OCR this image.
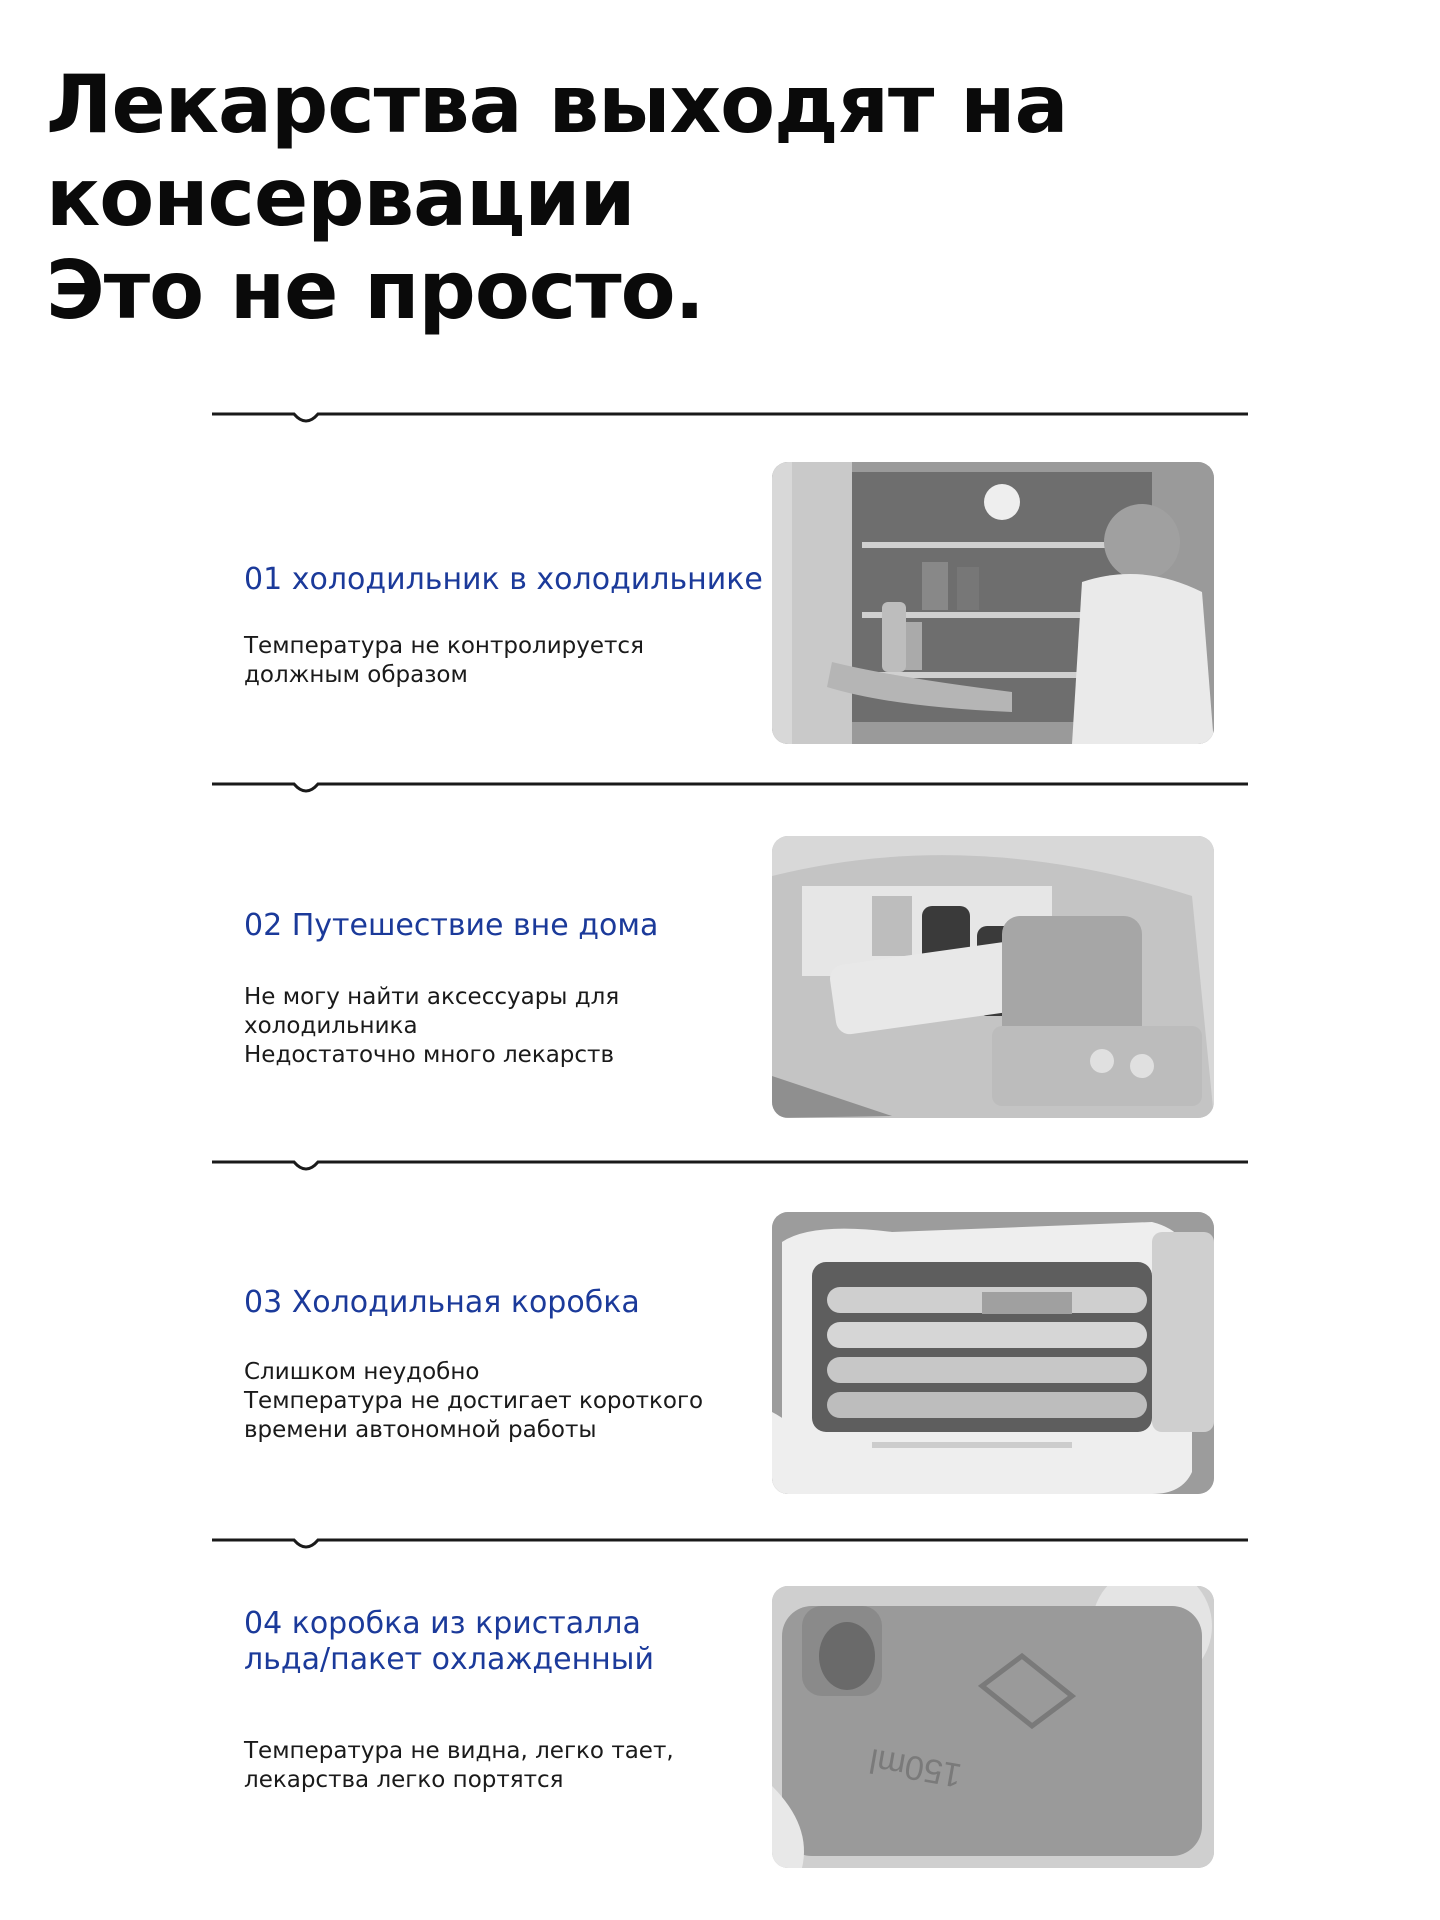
Лекарства выходят на
консервации
Это не просто.
01 холодильник в холодильнике

Температура не контролируется
должным образом

02 Путешествие вне дома

Не могу найти аксессуары для
холодильника
Недостаточно много лекарств

03 Холодильная коробка

Слишком неудобно
Температура не достигает короткого
времени автономной работы

04 коробка из кристалла
льда/пакет охлажденный

Температура не видна, легко тает,
лекарства легко портятся	150ml
